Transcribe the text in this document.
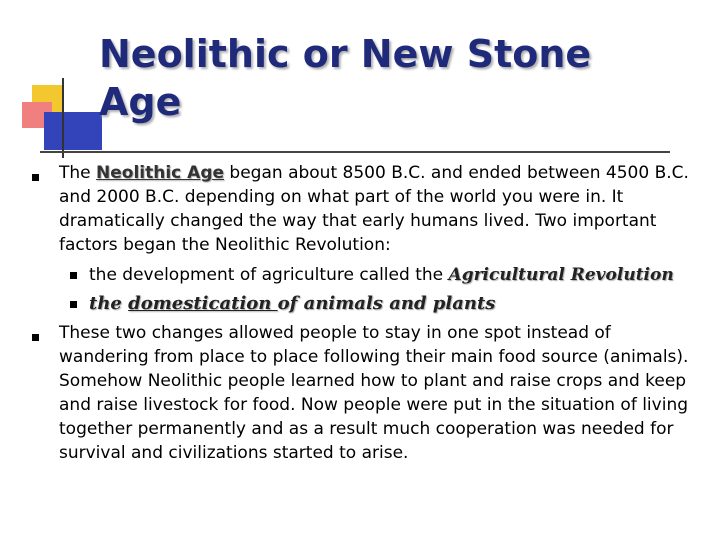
Neolithic or New Stone Age

The Neolithic Age began about 8500 B.C. and ended between 4500 B.C. and 2000 B.C. depending on what part of the world you were in. It dramatically changed the way that early humans lived. Two important factors began the Neolithic Revolution:

the development of agriculture called the Agricultural Revolution
the domestication of animals and plants

These two changes allowed people to stay in one spot instead of wandering from place to place following their main food source (animals). Somehow Neolithic people learned how to plant and raise crops and keep and raise livestock for food. Now people were put in the situation of living together permanently and as a result much cooperation was needed for survival and civilizations started to arise.
